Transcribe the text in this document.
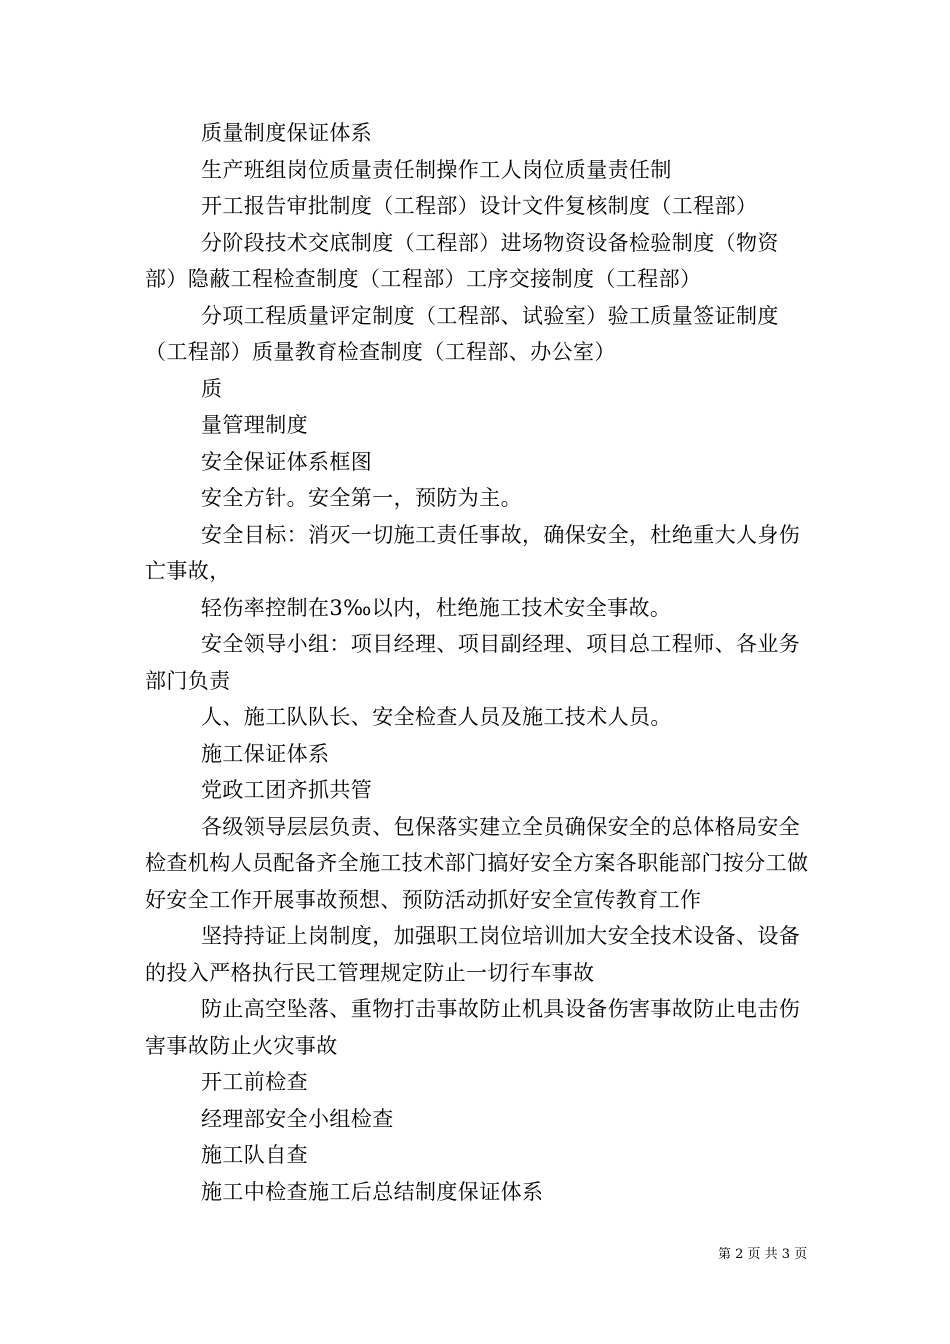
质量制度保证体系

生产班组岗位质量责任制操作工人岗位质量责任制

开工报告审批制度（工程部）设计文件复核制度（工程部）

分阶段技术交底制度（工程部）进场物资设备检验制度（物资部）隐蔽工程检查制度（工程部）工序交接制度（工程部）

分项工程质量评定制度（工程部、试验室）验工质量签证制度（工程部）质量教育检查制度（工程部、办公室）

质

量管理制度

安全保证体系框图

安全方针。安全第一，预防为主。

安全目标：消灭一切施工责任事故，确保安全，杜绝重大人身伤亡事故，

轻伤率控制在3‰以内，杜绝施工技术安全事故。

安全领导小组：项目经理、项目副经理、项目总工程师、各业务部门负责

人、施工队队长、安全检查人员及施工技术人员。

施工保证体系

党政工团齐抓共管

各级领导层层负责、包保落实建立全员确保安全的总体格局安全检查机构人员配备齐全施工技术部门搞好安全方案各职能部门按分工做好安全工作开展事故预想、预防活动抓好安全宣传教育工作

坚持持证上岗制度，加强职工岗位培训加大安全技术设备、设备的投入严格执行民工管理规定防止一切行车事故

防止高空坠落、重物打击事故防止机具设备伤害事故防止电击伤害事故防止火灾事故

开工前检查

经理部安全小组检查

施工队自查

施工中检查施工后总结制度保证体系

第 2 页 共 3 页
